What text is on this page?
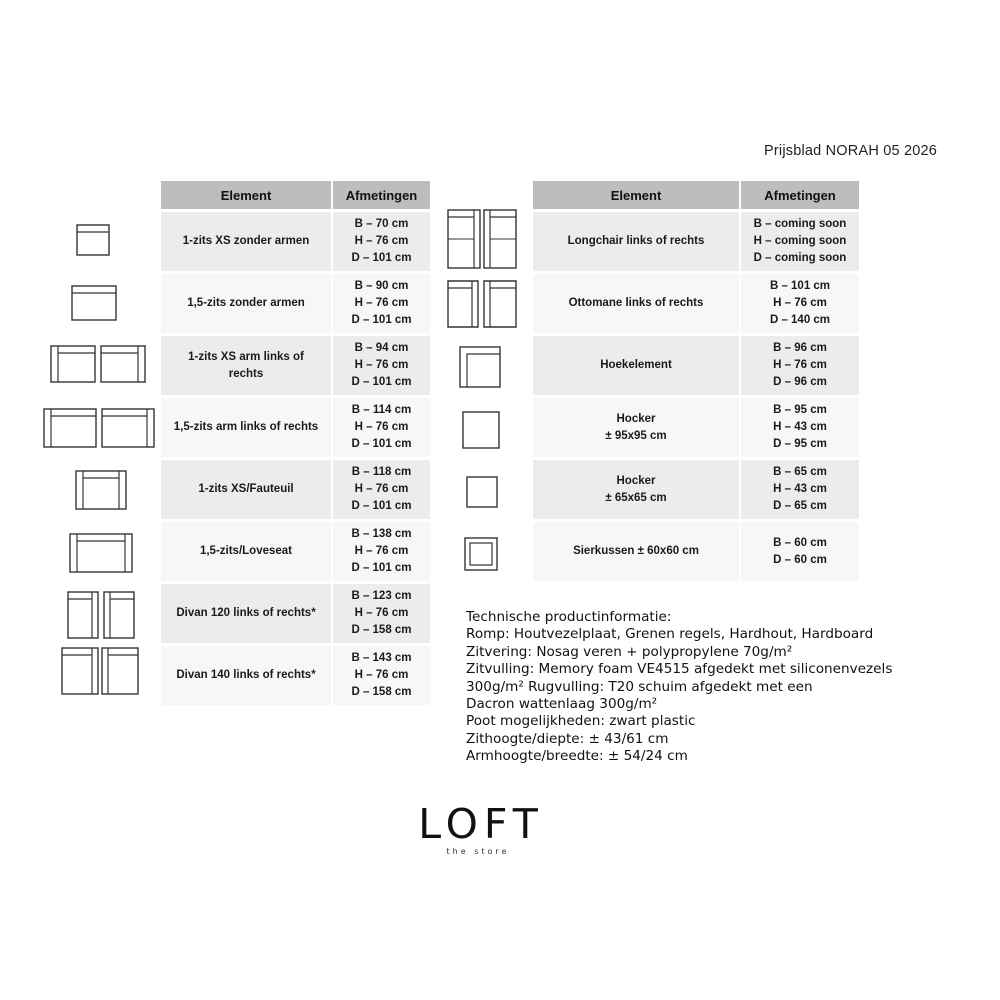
Prijsblad NORAH 05 2026
Element	Afmetingen

1-zits XS zonder armen	B – 70 cm
H – 76 cm
D – 101 cm

1,5-zits zonder armen	B – 90 cm
H – 76 cm
D – 101 cm

1-zits XS arm links of
rechts	B – 94 cm
H – 76 cm
D – 101 cm

1,5-zits arm links of rechts	B – 114 cm
H – 76 cm
D – 101 cm

1-zits XS/Fauteuil	B – 118 cm
H – 76 cm
D – 101 cm

1,5-zits/Loveseat	B – 138 cm
H – 76 cm
D – 101 cm

Divan 120 links of rechts*	B – 123 cm
H – 76 cm
D – 158 cm

Divan 140 links of rechts*	B – 143 cm
H – 76 cm
D – 158 cm
Element	Afmetingen

Longchair links of rechts	B – coming soon
H – coming soon
D – coming soon

Ottomane links of rechts	B – 101 cm
H – 76 cm
D – 140 cm

Hoekelement	B – 96 cm
H – 76 cm
D – 96 cm

Hocker
± 95x95 cm	B – 95 cm
H – 43 cm
D – 95 cm

Hocker
± 65x65 cm	B – 65 cm
H – 43 cm
D – 65 cm

Sierkussen ± 60x60 cm	B – 60 cm
D – 60 cm
Technische productinformatie:
Romp: Houtvezelplaat, Grenen regels, Hardhout, Hardboard
Zitvering: Nosag veren + polypropylene 70g/m²
Zitvulling: Memory foam VE4515 afgedekt met siliconenvezels
300g/m² Rugvulling: T20 schuim afgedekt met een
Dacron wattenlaag 300g/m²
Poot mogelijkheden: zwart plastic
Zithoogte/diepte: ± 43/61 cm
Armhoogte/breedte: ± 54/24 cm
LOFT
the store
